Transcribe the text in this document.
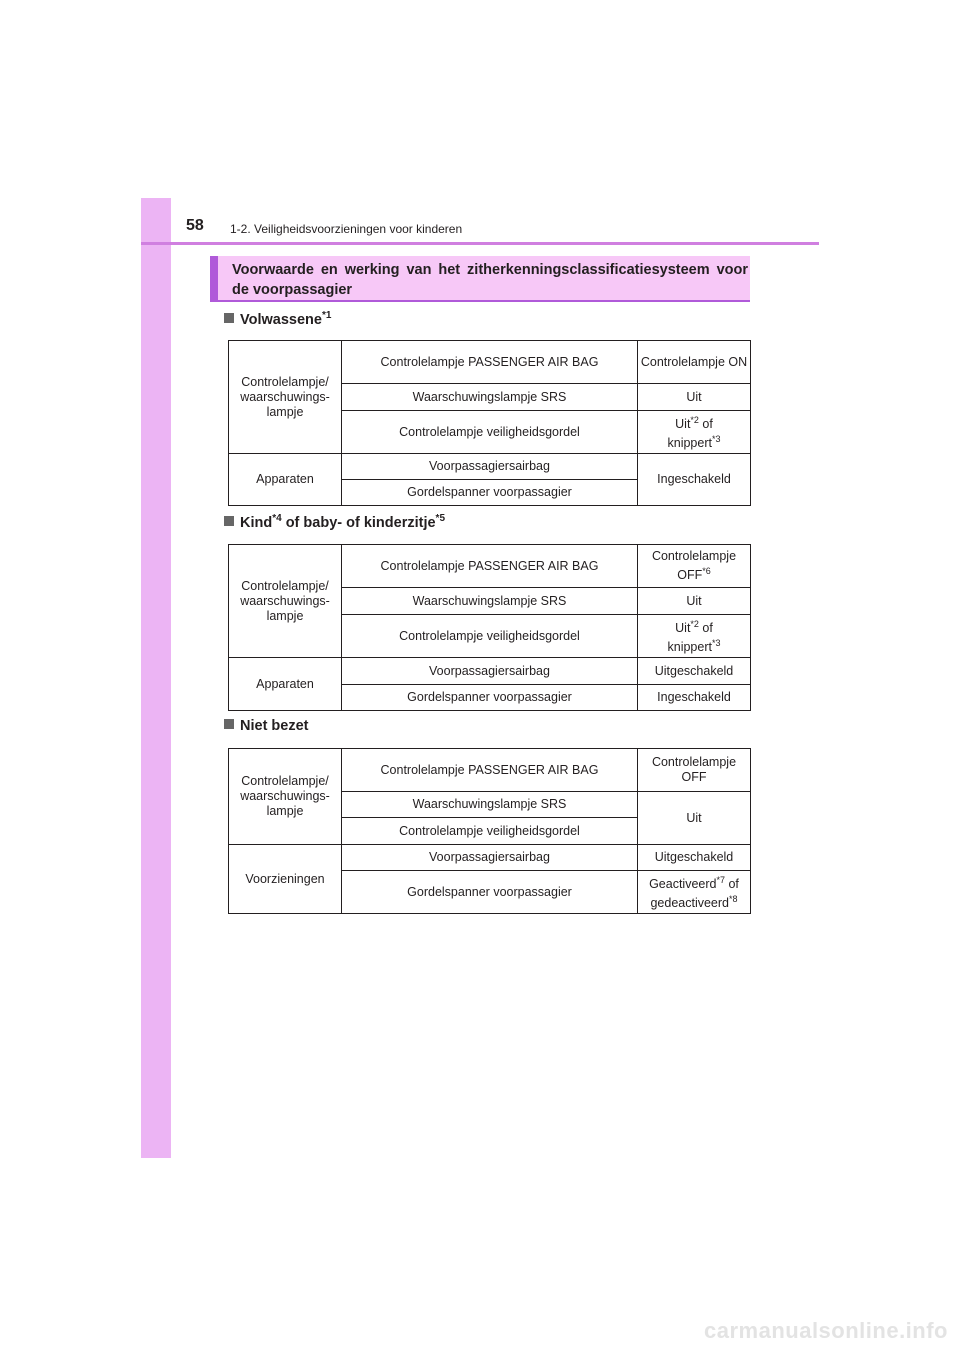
58 1-2. Veiligheidsvoorzieningen voor kinderen
Voorwaarde en werking van het zitherkenningsclassificatiesysteem voor de voorpassagier
Volwassene$^{*1}$
Controlelampje/ waarschuwings-lampje	Controlelampje PASSENGER AIR BAG	Controlelampje ON
	Waarschuwingslampje SRS	Uit
	Controlelampje veiligheidsgordel	Uit$^{*2}$ of
knippert$^{*3}$
Apparaten	Voorpassagiersairbag	Ingeschakeld
	Gordelspanner voorpassagier	
Kind$^{*4}$ of baby- of kinderzitje$^{*5}$
Controlelampje/ waarschuwings-lampje	Controlelampje PASSENGER AIR BAG	Controlelampje OFF$^{*6}$
	Waarschuwingslampje SRS	Uit
	Controlelampje veiligheidsgordel	Uit$^{*2}$ of
knippert$^{*3}$
Apparaten	Voorpassagiersairbag	Uitgeschakeld
	Gordelspanner voorpassagier	Ingeschakeld
Niet bezet
Controlelampje/ waarschuwings-lampje	Controlelampje PASSENGER AIR BAG	Controlelampje OFF
	Waarschuwingslampje SRS	Uit
	Controlelampje veiligheidsgordel	
Voorzieningen	Voorpassagiersairbag	Uitgeschakeld
	Gordelspanner voorpassagier	Geactiveerd$^{*7}$ of
gedeactiveerd$^{*8}$
carmanualsonline.info
